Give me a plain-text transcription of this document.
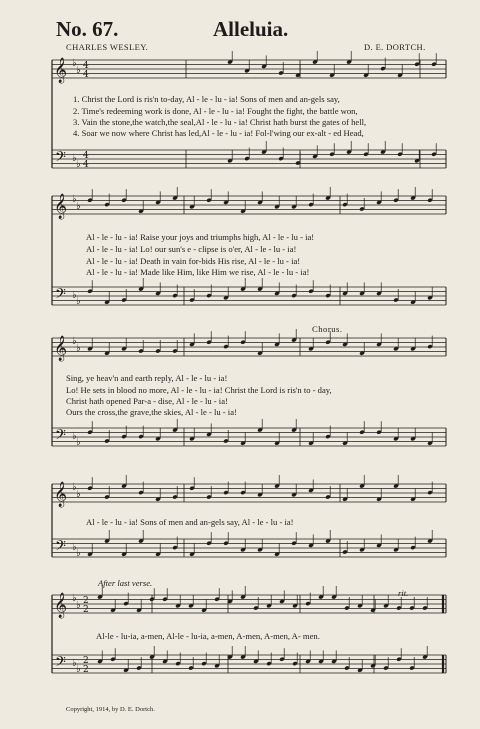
No. 67.	Alleluia.
CHARLES WESLEY.	D. E. DORTCH.
𝄞
𝄢
♭
♭
♭
♭
4
4
4
4
𝄞
𝄢
♭
♭
♭
♭
𝄞
𝄢
♭
♭
♭
♭
𝄞
𝄢
♭
♭
♭
♭
𝄞
𝄢
♭
♭
♭
♭
2
2
2
2
1. Christ the Lord is ris'n to-day, Al - le - lu - ia! Sons of men and an-gels say,
2. Time's redeeming work is done, Al - le - lu - ia! Fought the fight, the battle won,
3. Vain the stone,the watch,the seal,Al - le - lu - ia! Christ hath burst the gates of hell,
4. Soar we now where Christ has led,Al - le - lu - ia! Fol-l'wing our ex-alt - ed Head,
Al - le - lu - ia! Raise your joys and triumphs high, Al - le - lu - ia!
Al - le - lu - ia! Lo! our sun's e - clipse is o'er, Al - le - lu - ia!
Al - le - lu - ia! Death in vain for-bids His rise, Al - le - lu - ia!
Al - le - lu - ia! Made like Him, like Him we rise, Al - le - lu - ia!
Chorus.
Sing, ye heav'n and earth reply, Al - le - lu - ia!
Lo! He sets in blood no more, Al - le - lu - ia! Christ the Lord is ris'n to - day,
Christ hath opened Par-a - dise, Al - le - lu - ia!
Ours the cross,the grave,the skies, Al - le - lu - ia!
Al - le - lu - ia! Sons of men and an-gels say, Al - le - lu - ia!
After last verse.
rit.
Al-le - lu-ia, a-men, Al-le - lu-ia, a-men, A-men, A-men, A- men.
Copyright, 1914, by D. E. Dortch.
